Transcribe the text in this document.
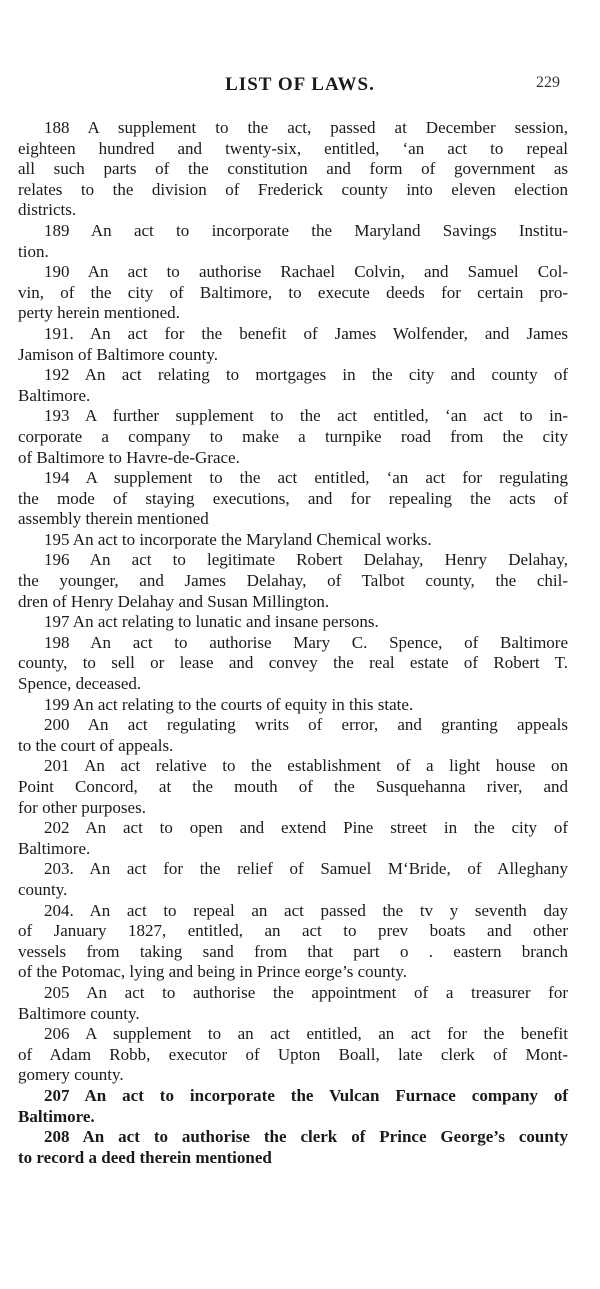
LIST OF LAWS.	229
188 A supplement to the act, passed at December session,
eighteen hundred and twenty-six, entitled, ‘an act to repeal
all such parts of the constitution and form of government as
relates to the division of Frederick county into eleven election
districts.
189 An act to incorporate the Maryland Savings Institu-
tion.
190 An act to authorise Rachael Colvin, and Samuel Col-
vin, of the city of Baltimore, to execute deeds for certain pro-
perty herein mentioned.
191. An act for the benefit of James Wolfender, and James
Jamison of Baltimore county.
192 An act relating to mortgages in the city and county of
Baltimore.
193 A further supplement to the act entitled, ‘an act to in-
corporate a company to make a turnpike road from the city
of Baltimore to Havre-de-Grace.
194 A supplement to the act entitled, ‘an act for regulating
the mode of staying executions, and for repealing the acts of
assembly therein mentioned
195 An act to incorporate the Maryland Chemical works.
196 An act to legitimate Robert Delahay, Henry Delahay,
the younger, and James Delahay, of Talbot county, the chil-
dren of Henry Delahay and Susan Millington.
197 An act relating to lunatic and insane persons.
198 An act to authorise Mary C. Spence, of Baltimore
county, to sell or lease and convey the real estate of Robert T.
Spence, deceased.
199 An act relating to the courts of equity in this state.
200 An act regulating writs of error, and granting appeals
to the court of appeals.
201 An act relative to the establishment of a light house on
Point Concord, at the mouth of the Susquehanna river, and
for other purposes.
202 An act to open and extend Pine street in the city of
Baltimore.
203. An act for the relief of Samuel M‘Bride, of Alleghany
county.
204. An act to repeal an act passed the tv y seventh day
of January 1827, entitled, an act to prev boats and other
vessels from taking sand from that part o . eastern branch
of the Potomac, lying and being in Prince eorge’s county.
205 An act to authorise the appointment of a treasurer for
Baltimore county.
206 A supplement to an act entitled, an act for the benefit
of Adam Robb, executor of Upton Boall, late clerk of Mont-
gomery county.
207 An act to incorporate the Vulcan Furnace company of
Baltimore.
208 An act to authorise the clerk of Prince George’s county
to record a deed therein mentioned
